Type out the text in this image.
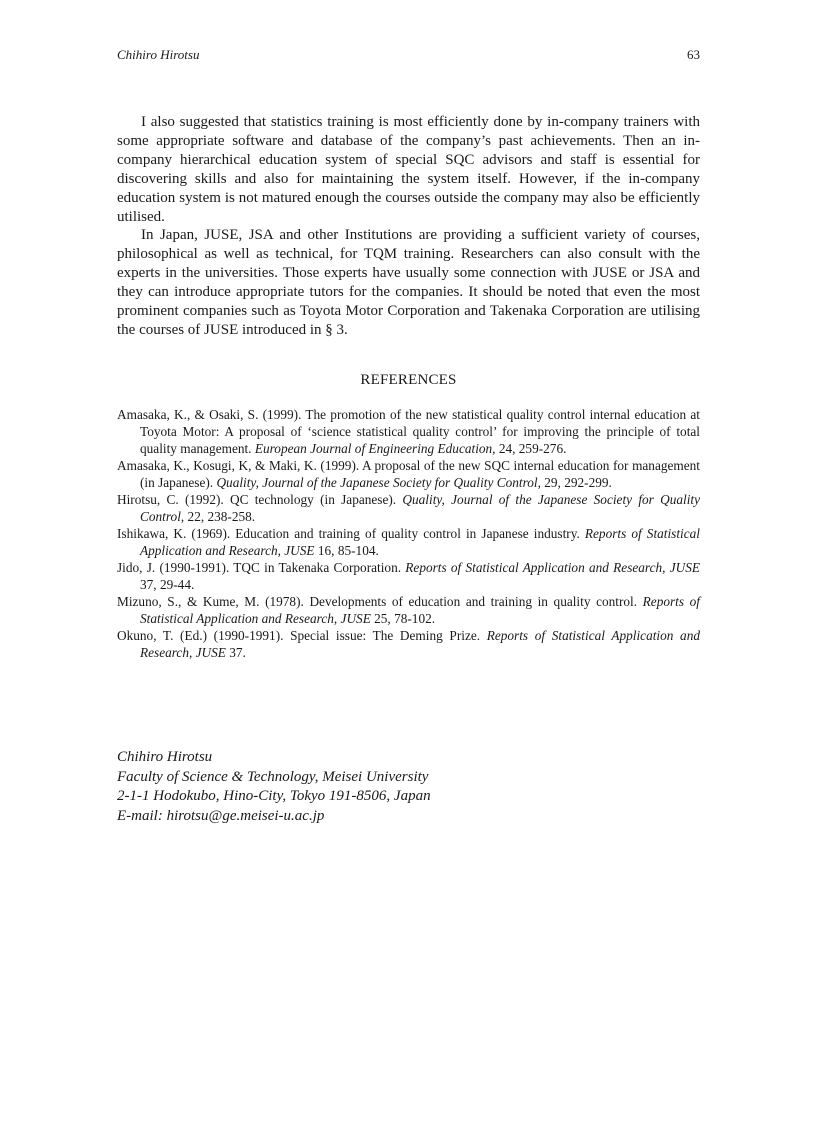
Chihiro Hirotsu	63

I also suggested that statistics training is most efficiently done by in-company trainers with some appropriate software and database of the company’s past achievements. Then an in-company hierarchical education system of special SQC advisors and staff is essential for discovering skills and also for maintaining the system itself. However, if the in-company education system is not matured enough the courses outside the company may also be efficiently utilised.

In Japan, JUSE, JSA and other Institutions are providing a sufficient variety of courses, philosophical as well as technical, for TQM training. Researchers can also consult with the experts in the universities. Those experts have usually some connection with JUSE or JSA and they can introduce appropriate tutors for the companies. It should be noted that even the most prominent companies such as Toyota Motor Corporation and Takenaka Corporation are utilising the courses of JUSE introduced in § 3.

REFERENCES

Amasaka, K., & Osaki, S. (1999). The promotion of the new statistical quality control internal education at Toyota Motor: A proposal of ‘science statistical quality control’ for improving the principle of total quality management. European Journal of Engineering Education, 24, 259-276.

Amasaka, K., Kosugi, K, & Maki, K. (1999). A proposal of the new SQC internal education for management (in Japanese). Quality, Journal of the Japanese Society for Quality Control, 29, 292-299.

Hirotsu, C. (1992). QC technology (in Japanese). Quality, Journal of the Japanese Society for Quality Control, 22, 238-258.

Ishikawa, K. (1969). Education and training of quality control in Japanese industry. Reports of Statistical Application and Research, JUSE 16, 85-104.

Jido, J. (1990-1991). TQC in Takenaka Corporation. Reports of Statistical Application and Research, JUSE 37, 29-44.

Mizuno, S., & Kume, M. (1978). Developments of education and training in quality control. Reports of Statistical Application and Research, JUSE 25, 78-102.

Okuno, T. (Ed.) (1990-1991). Special issue: The Deming Prize. Reports of Statistical Application and Research, JUSE 37.

Chihiro Hirotsu
Faculty of Science & Technology, Meisei University
2-1-1 Hodokubo, Hino-City, Tokyo 191-8506, Japan
E-mail: hirotsu@ge.meisei-u.ac.jp
